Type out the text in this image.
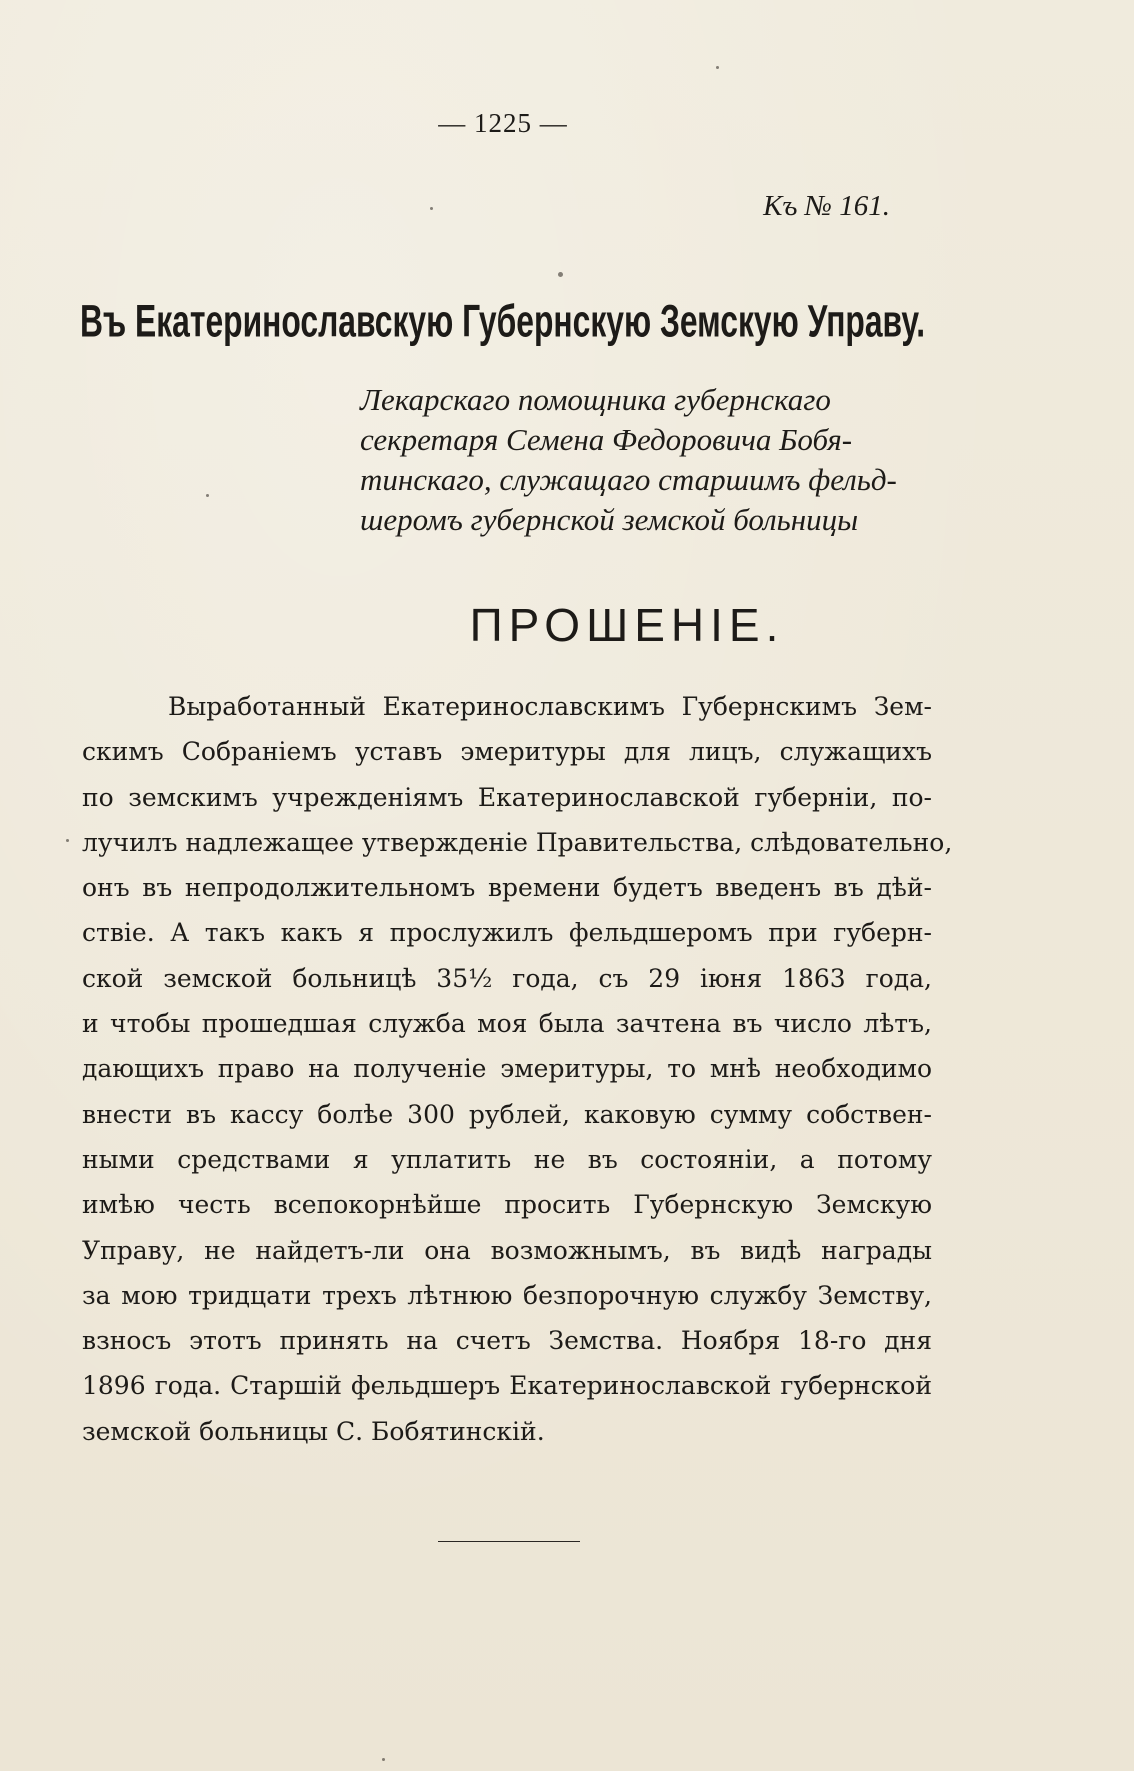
— 1225 —
Къ № 161.
Въ Екатеринославскую Губернскую Земскую Управу.
Лекарскаго помощника губернскаго
секретаря Семена Федоровича Бобя-
тинскаго, служащаго старшимъ фельд-
шеромъ губернской земской больницы
ПРОШЕНІЕ.
Выработанный Екатеринославскимъ Губернскимъ Зем-
скимъ Собраніемъ уставъ эмеритуры для лицъ, служащихъ
по земскимъ учрежденіямъ Екатеринославской губерніи, по-
лучилъ надлежащее утвержденіе Правительства, слѣдовательно,
онъ въ непродолжительномъ времени будетъ введенъ въ дѣй-
ствіе. А такъ какъ я прослужилъ фельдшеромъ при губерн-
ской земской больницѣ 35½ года, съ 29 іюня 1863 года,
и чтобы прошедшая служба моя была зачтена въ число лѣтъ,
дающихъ право на полученіе эмеритуры, то мнѣ необходимо
внести въ кассу болѣе 300 рублей, каковую сумму собствен-
ными средствами я уплатить не въ состояніи, а потому
имѣю честь всепокорнѣйше просить Губернскую Земскую
Управу, не найдетъ-ли она возможнымъ, въ видѣ награды
за мою тридцати трехъ лѣтнюю безпорочную службу Земству,
взносъ этотъ принять на счетъ Земства. Ноября 18-го дня
1896 года. Старшій фельдшеръ Екатеринославской губернской
земской больницы С. Бобятинскій.
